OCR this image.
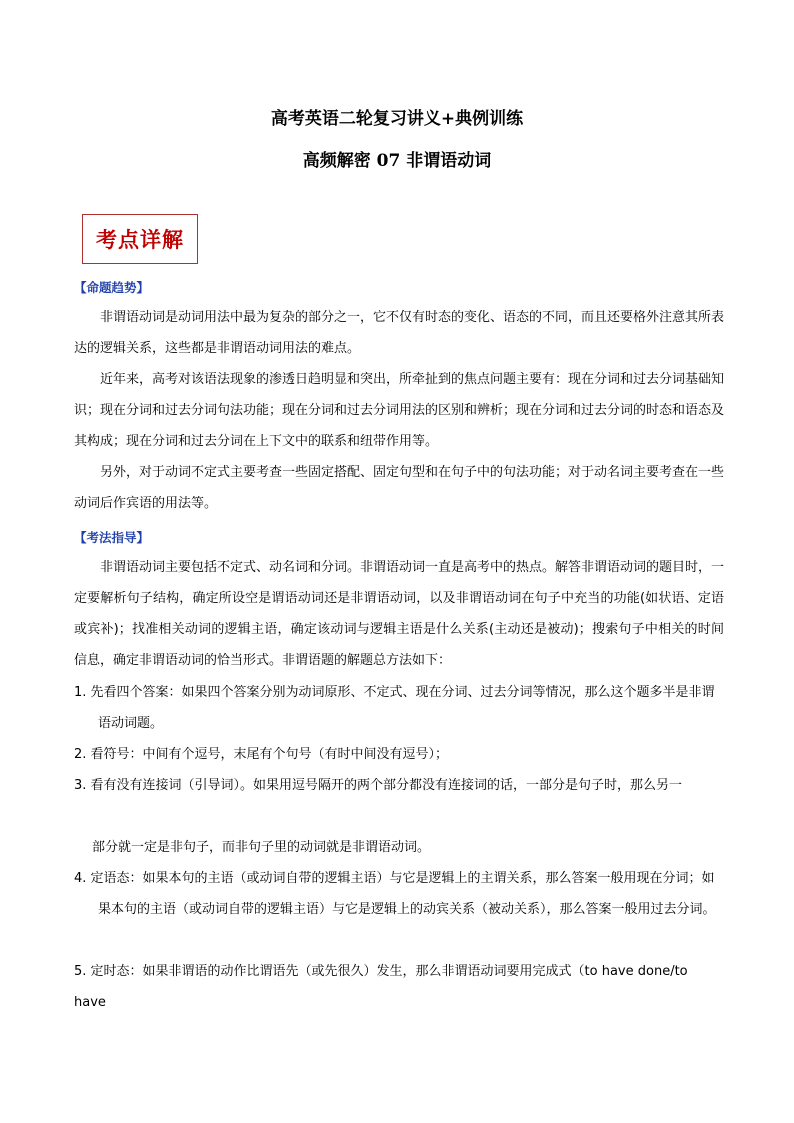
高考英语二轮复习讲义+典例训练
高频解密 07 非谓语动词
考点详解
【命题趋势】
非谓语动词是动词用法中最为复杂的部分之一，它不仅有时态的变化、语态的不同，而且还要格外注意其所表达的逻辑关系，这些都是非谓语动词用法的难点。
近年来，高考对该语法现象的渗透日趋明显和突出，所牵扯到的焦点问题主要有：现在分词和过去分词基础知识；现在分词和过去分词句法功能；现在分词和过去分词用法的区别和辨析；现在分词和过去分词的时态和语态及其构成；现在分词和过去分词在上下文中的联系和纽带作用等。
另外，对于动词不定式主要考查一些固定搭配、固定句型和在句子中的句法功能；对于动名词主要考查在一些动词后作宾语的用法等。
【考法指导】
非谓语动词主要包括不定式、动名词和分词。非谓语动词一直是高考中的热点。解答非谓语动词的题目时，一定要解析句子结构，确定所设空是谓语动词还是非谓语动词，以及非谓语动词在句子中充当的功能(如状语、定语或宾补)；找准相关动词的逻辑主语，确定该动词与逻辑主语是什么关系(主动还是被动)；搜索句子中相关的时间信息，确定非谓语动词的恰当形式。非谓语题的解题总方法如下：
1. 先看四个答案：如果四个答案分别为动词原形、不定式、现在分词、过去分词等情况，那么这个题多半是非谓语动词题。
2. 看符号：中间有个逗号，末尾有个句号（有时中间没有逗号）；
3. 看有没有连接词（引导词）。如果用逗号隔开的两个部分都没有连接词的话，一部分是句子时，那么另一
部分就一定是非句子，而非句子里的动词就是非谓语动词。
4. 定语态：如果本句的主语（或动词自带的逻辑主语）与它是逻辑上的主谓关系，那么答案一般用现在分词；如果本句的主语（或动词自带的逻辑主语）与它是逻辑上的动宾关系（被动关系），那么答案一般用过去分词。
5. 定时态：如果非谓语的动作比谓语先（或先很久）发生，那么非谓语动词要用完成式（to have done/to
have
